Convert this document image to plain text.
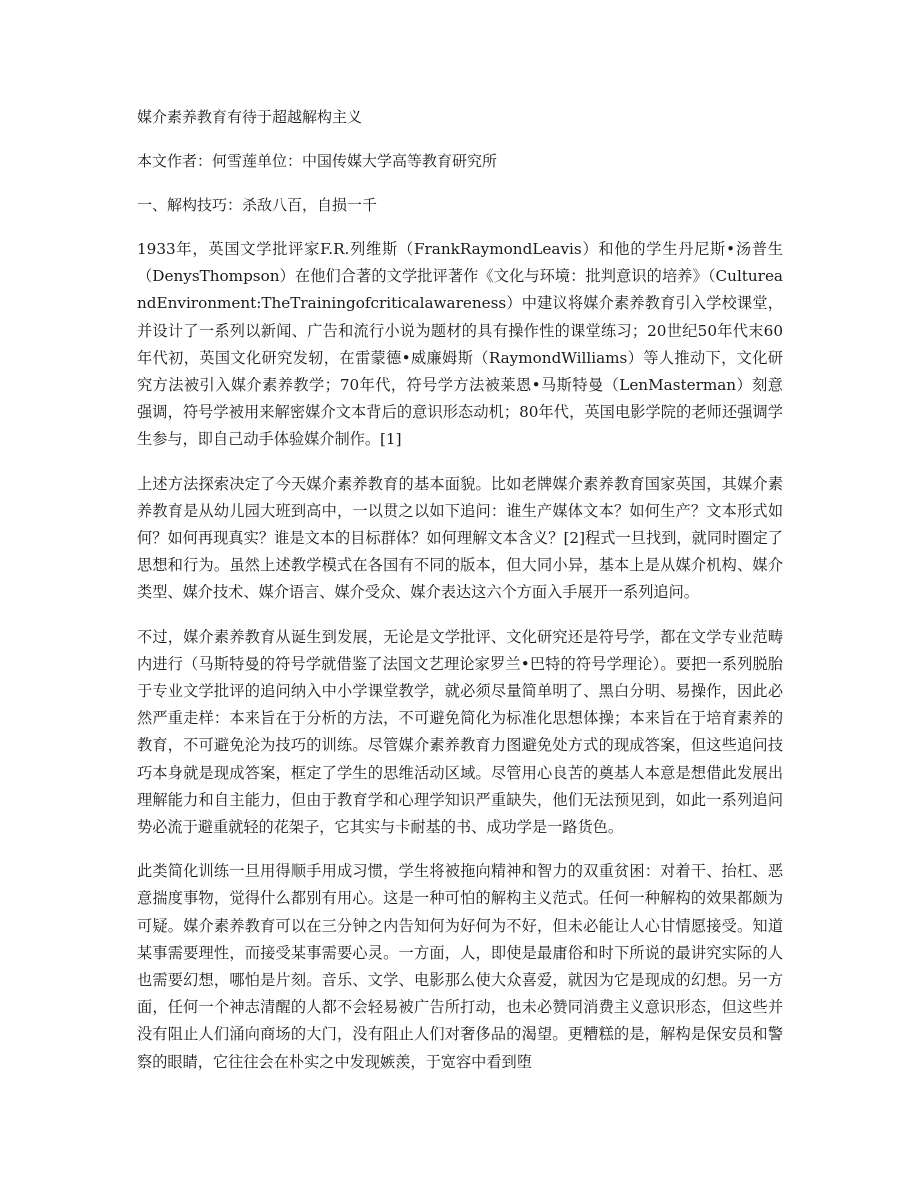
媒介素养教育有待于超越解构主义

本文作者：何雪莲单位：中国传媒大学高等教育研究所

一、解构技巧：杀敌八百，自损一千

1933年，英国文学批评家F.R.列维斯（FrankRaymondLeavis）和他的学生丹尼斯•汤普生（DenysThompson）在他们合著的文学批评著作《文化与环境：批判意识的培养》（CultureandEnvironment:TheTrainingofcriticalawareness）中建议将媒介素养教育引入学校课堂，并设计了一系列以新闻、广告和流行小说为题材的具有操作性的课堂练习；20世纪50年代末60年代初，英国文化研究发轫，在雷蒙德•威廉姆斯（RaymondWilliams）等人推动下，文化研究方法被引入媒介素养教学；70年代，符号学方法被莱恩•马斯特曼（LenMasterman）刻意强调，符号学被用来解密媒介文本背后的意识形态动机；80年代，英国电影学院的老师还强调学生参与，即自己动手体验媒介制作。[1]

上述方法探索决定了今天媒介素养教育的基本面貌。比如老牌媒介素养教育国家英国，其媒介素养教育是从幼儿园大班到高中，一以贯之以如下追问：谁生产媒体文本？如何生产？文本形式如何？如何再现真实？谁是文本的目标群体？如何理解文本含义？[2]程式一旦找到，就同时圈定了思想和行为。虽然上述教学模式在各国有不同的版本，但大同小异，基本上是从媒介机构、媒介类型、媒介技术、媒介语言、媒介受众、媒介表达这六个方面入手展开一系列追问。

不过，媒介素养教育从诞生到发展，无论是文学批评、文化研究还是符号学，都在文学专业范畴内进行（马斯特曼的符号学就借鉴了法国文艺理论家罗兰•巴特的符号学理论）。要把一系列脱胎于专业文学批评的追问纳入中小学课堂教学，就必须尽量简单明了、黑白分明、易操作，因此必然严重走样：本来旨在于分析的方法，不可避免简化为标准化思想体操；本来旨在于培育素养的教育，不可避免沦为技巧的训练。尽管媒介素养教育力图避免处方式的现成答案，但这些追问技巧本身就是现成答案，框定了学生的思维活动区域。尽管用心良苦的奠基人本意是想借此发展出理解能力和自主能力，但由于教育学和心理学知识严重缺失，他们无法预见到，如此一系列追问势必流于避重就轻的花架子，它其实与卡耐基的书、成功学是一路货色。

此类简化训练一旦用得顺手用成习惯，学生将被拖向精神和智力的双重贫困：对着干、抬杠、恶意揣度事物，觉得什么都别有用心。这是一种可怕的解构主义范式。任何一种解构的效果都颇为可疑。媒介素养教育可以在三分钟之内告知何为好何为不好，但未必能让人心甘情愿接受。知道某事需要理性，而接受某事需要心灵。一方面，人，即使是最庸俗和时下所说的最讲究实际的人也需要幻想，哪怕是片刻。音乐、文学、电影那么使大众喜爱，就因为它是现成的幻想。另一方面，任何一个神志清醒的人都不会轻易被广告所打动，也未必赞同消费主义意识形态，但这些并没有阻止人们涌向商场的大门，没有阻止人们对奢侈品的渴望。更糟糕的是，解构是保安员和警察的眼睛，它往往会在朴实之中发现嫉羡，于宽容中看到堕
